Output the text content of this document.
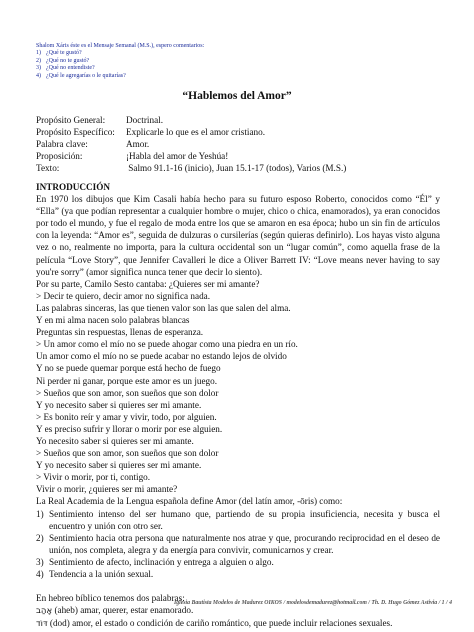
Shalom Xáris éste es el Mensaje Semanal (M.S.), espero comentarios:
1) ¿Qué te gustó?
2) ¿Qué no te gustó?
3) ¿Qué no entendiste?
4) ¿Qué le agregarías o le quitarías?
“Hablemos del Amor”
Propósito General: Doctrinal.
Propósito Específico: Explicarle lo que es el amor cristiano.
Palabra clave:	Amor.
Proposición:	¡Habla del amor de Yeshúa!
Texto:	Salmo 91.1-16 (inicio), Juan 15.1-17 (todos), Varios (M.S.)

INTRODUCCIÓN

En 1970 los dibujos que Kim Casali había hecho para su futuro esposo Roberto, conocidos como “Él” y “Ella” (ya que podían representar a cualquier hombre o mujer, chico o chica, enamorados), ya eran conocidos por todo el mundo, y fue el regalo de moda entre los que se amaron en esa época; hubo un sin fin de artículos con la leyenda: “Amor es”, seguida de dulzuras o cursilerías (según quieras definirlo). Los hayas visto alguna vez o no, realmente no importa, para la cultura occidental son un “lugar común”, como aquella frase de la película “Love Story”, que Jennifer Cavalleri le dice a Oliver Barrett IV: “Love means never having to say you're sorry” (amor significa nunca tener que decir lo siento).

Por su parte, Camilo Sesto cantaba: ¿Quieres ser mi amante?

> Decir te quiero, decir amor no significa nada.

Las palabras sinceras, las que tienen valor son las que salen del alma.

Y en mi alma nacen solo palabras blancas

Preguntas sin respuestas, llenas de esperanza.

> Un amor como el mío no se puede ahogar como una piedra en un río.

Un amor como el mío no se puede acabar no estando lejos de olvido

Y no se puede quemar porque está hecho de fuego

Ni perder ni ganar, porque este amor es un juego.

> Sueños que son amor, son sueños que son dolor

Y yo necesito saber si quieres ser mi amante.

> Es bonito reír y amar y vivir, todo, por alguien.

Y es preciso sufrir y llorar o morir por ese alguien.

Yo necesito saber si quieres ser mi amante.

> Sueños que son amor, son sueños que son dolor

Y yo necesito saber si quieres ser mi amante.

> Vivir o morir, por ti, contigo.

Vivir o morir, ¿quieres ser mi amante?

La Real Academia de la Lengua española define Amor (del latín amor, -ōris) como:

1) Sentimiento intenso del ser humano que, partiendo de su propia insuficiencia, necesita y busca el encuentro y unión con otro ser.
2) Sentimiento hacia otra persona que naturalmente nos atrae y que, procurando reciprocidad en el deseo de unión, nos completa, alegra y da energía para convivir, comunicarnos y crear.
3) Sentimiento de afecto, inclinación y entrega a alguien o algo.
4) Tendencia a la unión sexual.

En hebreo bíblico tenemos dos palabras:

אָהַב (aheb) amar, querer, estar enamorado.

דּוֹד (dod) amor, el estado o condición de cariño romántico, que puede incluir relaciones sexuales.

Iglesia Bautista Modelos de Madurez OIKOS / modelosdemadurez@hotmail.com / Th. D. Hugo Gómez Astivia / 1 / 4
